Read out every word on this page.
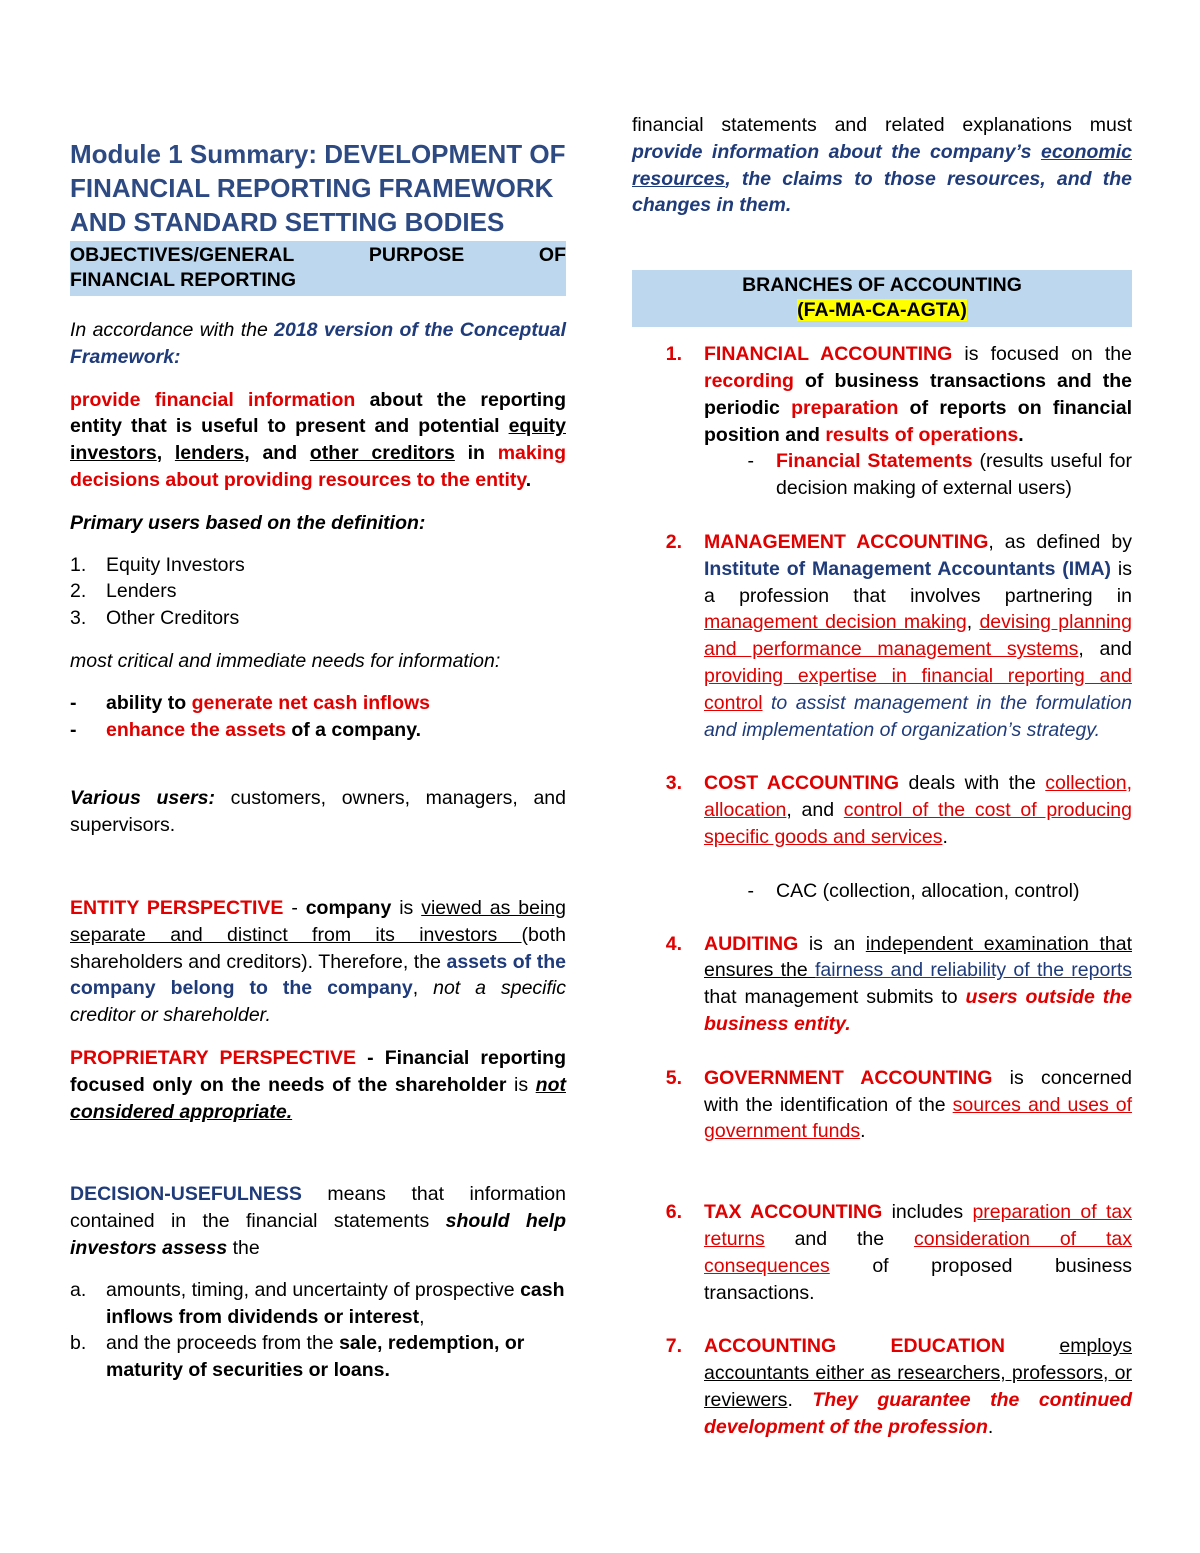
Module 1 Summary: DEVELOPMENT OF FINANCIAL REPORTING FRAMEWORK AND STANDARD SETTING BODIES
OBJECTIVES/GENERAL	PURPOSE	OF
FINANCIAL REPORTING

In accordance with the 2018 version of the Conceptual Framework:

provide financial information about the reporting entity that is useful to present and potential equity investors, lenders, and other creditors in making decisions about providing resources to the entity.

Primary users based on the definition:

1.	Equity Investors
2.	Lenders
3.	Other Creditors

most critical and immediate needs for information:

-	ability to generate net cash inflows
-	enhance the assets of a company.

Various users: customers, owners, managers, and supervisors.

ENTITY PERSPECTIVE - company is viewed as being separate and distinct from its investors (both shareholders and creditors). Therefore, the assets of the company belong to the company, not a specific creditor or shareholder.

PROPRIETARY PERSPECTIVE - Financial reporting focused only on the needs of the shareholder is not considered appropriate.

DECISION-USEFULNESS means that information contained in the financial statements should help investors assess the

a.	amounts, timing, and uncertainty of prospective cash inflows from dividends or interest,
b.	and the proceeds from the sale, redemption, or maturity of securities or loans.

financial statements and related explanations must provide information about the company’s economic resources, the claims to those resources, and the changes in them.

BRANCHES OF ACCOUNTING
(FA-MA-CA-AGTA)
1. FINANCIAL ACCOUNTING is focused on the recording of business transactions and the periodic preparation of reports on financial position and results of operations.

-	Financial Statements (results useful for decision making of external users)

2.	MANAGEMENT ACCOUNTING, as defined by Institute of Management Accountants (IMA) is a profession that involves partnering in management decision making, devising planning and performance management systems, and providing expertise in financial reporting and control to assist management in the formulation and implementation of organization’s strategy.

3. COST ACCOUNTING deals with the collection, allocation, and control of the cost of producing specific goods and services.

-	CAC (collection, allocation, control)
4.	AUDITING is an independent examination that ensures the fairness and reliability of the reports that management submits to users outside the business entity.

5.	GOVERNMENT ACCOUNTING is concerned with the identification of the sources and uses of government funds.

6.	TAX ACCOUNTING includes preparation of tax returns and the consideration of tax consequences of proposed business transactions.

7.	ACCOUNTING EDUCATION	employs accountants either as researchers, professors, or reviewers. They guarantee the continued development of the profession.
